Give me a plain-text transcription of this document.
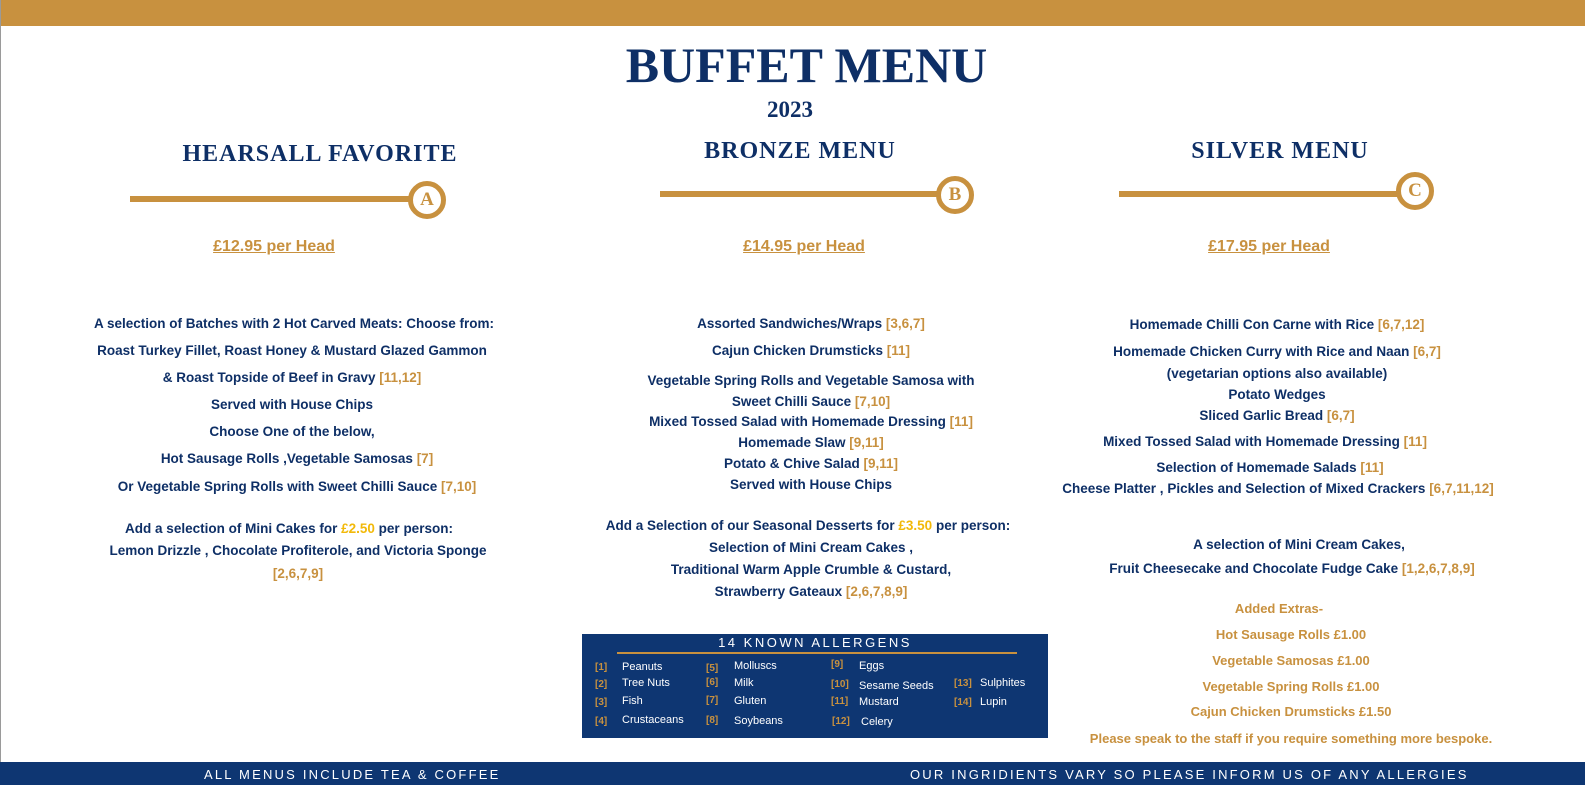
BUFFET MENU
2023
HEARSALL FAVORITE
A
£12.95 per Head
A selection of Batches with 2 Hot Carved Meats: Choose from:
Roast Turkey Fillet, Roast Honey & Mustard Glazed Gammon
& Roast Topside of Beef in Gravy [11,12]
Served with House Chips
Choose One of the below,
Hot Sausage Rolls ,Vegetable Samosas [7]
Or Vegetable Spring Rolls with Sweet Chilli Sauce [7,10]
Add a selection of Mini Cakes for £2.50 per person:
Lemon Drizzle , Chocolate Profiterole, and Victoria Sponge
[2,6,7,9]
BRONZE MENU
B
£14.95 per Head
Assorted Sandwiches/Wraps [3,6,7]
Cajun Chicken Drumsticks [11]
Vegetable Spring Rolls and Vegetable Samosa with
Sweet Chilli Sauce [7,10]
Mixed Tossed Salad with Homemade Dressing [11]
Homemade Slaw [9,11]
Potato & Chive Salad [9,11]
Served with House Chips
Add a Selection of our Seasonal Desserts for £3.50 per person:
Selection of Mini Cream Cakes ,
Traditional Warm Apple Crumble & Custard,
Strawberry Gateaux [2,6,7,8,9]
SILVER MENU
C
£17.95 per Head
Homemade Chilli Con Carne with Rice [6,7,12]
Homemade Chicken Curry with Rice and Naan [6,7]
(vegetarian options also available)
Potato Wedges
Sliced Garlic Bread [6,7]
Mixed Tossed Salad with Homemade Dressing [11]
Selection of Homemade Salads [11]
Cheese Platter , Pickles and Selection of Mixed Crackers [6,7,11,12]
A selection of Mini Cream Cakes,
Fruit Cheesecake and Chocolate Fudge Cake [1,2,6,7,8,9]
Added Extras-
Hot Sausage Rolls £1.00
Vegetable Samosas £1.00
Vegetable Spring Rolls £1.00
Cajun Chicken Drumsticks £1.50
Please speak to the staff if you require something more bespoke.
14 KNOWN ALLERGENS
[1] Peanuts
[2] Tree Nuts
[3] Fish
[4] Crustaceans
[5] Molluscs
[6] Milk
[7] Gluten
[8] Soybeans
[9] Eggs
[10] Sesame Seeds
[11] Mustard
[12] Celery
[13] Sulphites
[14] Lupin
ALL MENUS INCLUDE TEA & COFFEE	OUR INGRIDIENTS VARY SO PLEASE INFORM US OF ANY ALLERGIES
